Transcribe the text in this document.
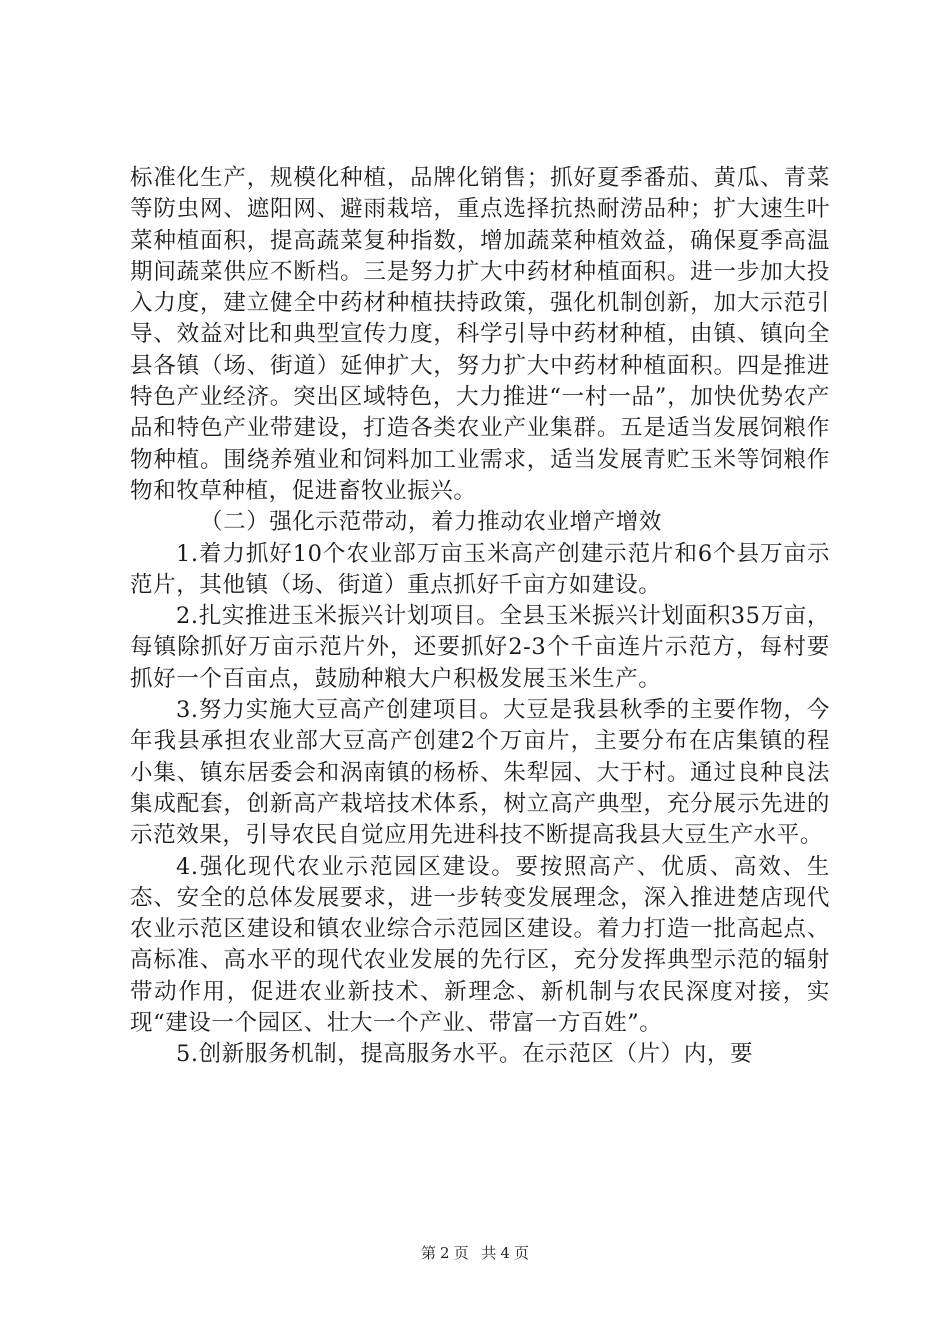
标准化生产，规模化种植，品牌化销售；抓好夏季番茄、黄瓜、青菜等防虫网、遮阳网、避雨栽培，重点选择抗热耐涝品种；扩大速生叶菜种植面积，提高蔬菜复种指数，增加蔬菜种植效益，确保夏季高温期间蔬菜供应不断档。三是努力扩大中药材种植面积。进一步加大投入力度，建立健全中药材种植扶持政策，强化机制创新，加大示范引导、效益对比和典型宣传力度，科学引导中药材种植，由镇、镇向全县各镇（场、街道）延伸扩大，努力扩大中药材种植面积。四是推进特色产业经济。突出区域特色，大力推进“一村一品”，加快优势农产品和特色产业带建设，打造各类农业产业集群。五是适当发展饲粮作物种植。围绕养殖业和饲料加工业需求，适当发展青贮玉米等饲粮作物和牧草种植，促进畜牧业振兴。

（二）强化示范带动，着力推动农业增产增效

1.着力抓好10个农业部万亩玉米高产创建示范片和6个县万亩示范片，其他镇（场、街道）重点抓好千亩方如建设。

2.扎实推进玉米振兴计划项目。全县玉米振兴计划面积35万亩，每镇除抓好万亩示范片外，还要抓好2-3个千亩连片示范方，每村要抓好一个百亩点，鼓励种粮大户积极发展玉米生产。

3.努力实施大豆高产创建项目。大豆是我县秋季的主要作物，今年我县承担农业部大豆高产创建2个万亩片，主要分布在店集镇的程小集、镇东居委会和涡南镇的杨桥、朱犁园、大于村。通过良种良法集成配套，创新高产栽培技术体系，树立高产典型，充分展示先进的示范效果，引导农民自觉应用先进科技不断提高我县大豆生产水平。

4.强化现代农业示范园区建设。要按照高产、优质、高效、生态、安全的总体发展要求，进一步转变发展理念，深入推进楚店现代农业示范区建设和镇农业综合示范园区建设。着力打造一批高起点、高标准、高水平的现代农业发展的先行区，充分发挥典型示范的辐射带动作用，促进农业新技术、新理念、新机制与农民深度对接，实现“建设一个园区、壮大一个产业、带富一方百姓”。

5.创新服务机制，提高服务水平。在示范区（片）内，要

第 2 页 共 4 页
